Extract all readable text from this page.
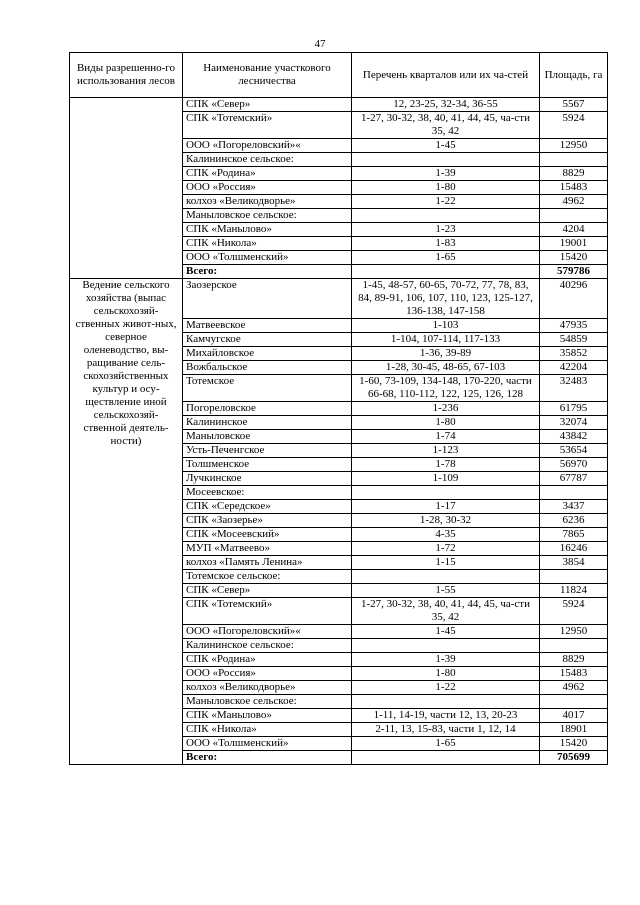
47
Виды разрешенно-го использования лесов	Наименование участкового лесничества	Перечень кварталов или их ча-стей	Площадь, га
	СПК «Север»	12, 23-25, 32-34, 36-55	5567
	СПК «Тотемский»	1-27, 30-32, 38, 40, 41, 44, 45, ча-сти 35, 42	5924
	ООО «Погореловский»«	1-45	12950
	Калининское сельское:		
	СПК «Родина»	1-39	8829
	ООО «Россия»	1-80	15483
	колхоз «Великодворье»	1-22	4962
	Маныловское сельское:		
	СПК «Манылово»	1-23	4204
	СПК «Никола»	1-83	19001
	ООО «Толшменский»	1-65	15420
	Всего:		579786
Ведение сельского хозяйства (выпас сельскохозяй-ственных живот-ных, северное оленеводство, вы-ращивание сель-скохозяйственных культур и осу-ществление иной сельскохозяй-ственной деятель-ности)	Заозерское	1-45, 48-57, 60-65, 70-72, 77, 78, 83, 84, 89-91, 106, 107, 110, 123, 125-127, 136-138, 147-158	40296
	Матвеевское	1-103	47935
	Камчугское	1-104, 107-114, 117-133	54859
	Михайловское	1-36, 39-89	35852
	Вожбальское	1-28, 30-45, 48-65, 67-103	42204
	Тотемское	1-60, 73-109, 134-148, 170-220, части 66-68, 110-112, 122, 125, 126, 128	32483
	Погореловское	1-236	61795
	Калининское	1-80	32074
	Маныловское	1-74	43842
	Усть-Печенгское	1-123	53654
	Толшменское	1-78	56970
	Лучкинское	1-109	67787
	Мосеевское:		
	СПК «Середское»	1-17	3437
	СПК «Заозерье»	1-28, 30-32	6236
	СПК «Мосеевский»	4-35	7865
	МУП «Матвеево»	1-72	16246
	колхоз «Память Ленина»	1-15	3854
	Тотемское сельское:		
	СПК «Север»	1-55	11824
	СПК «Тотемский»	1-27, 30-32, 38, 40, 41, 44, 45, ча-сти 35, 42	5924
	ООО «Погореловский»«	1-45	12950
	Калининское сельское:		
	СПК «Родина»	1-39	8829
	ООО «Россия»	1-80	15483
	колхоз «Великодворье»	1-22	4962
	Маныловское сельское:		
	СПК «Манылово»	1-11, 14-19, части 12, 13, 20-23	4017
	СПК «Никола»	2-11, 13, 15-83, части 1, 12, 14	18901
	ООО «Толшменский»	1-65	15420
	Всего:		705699
